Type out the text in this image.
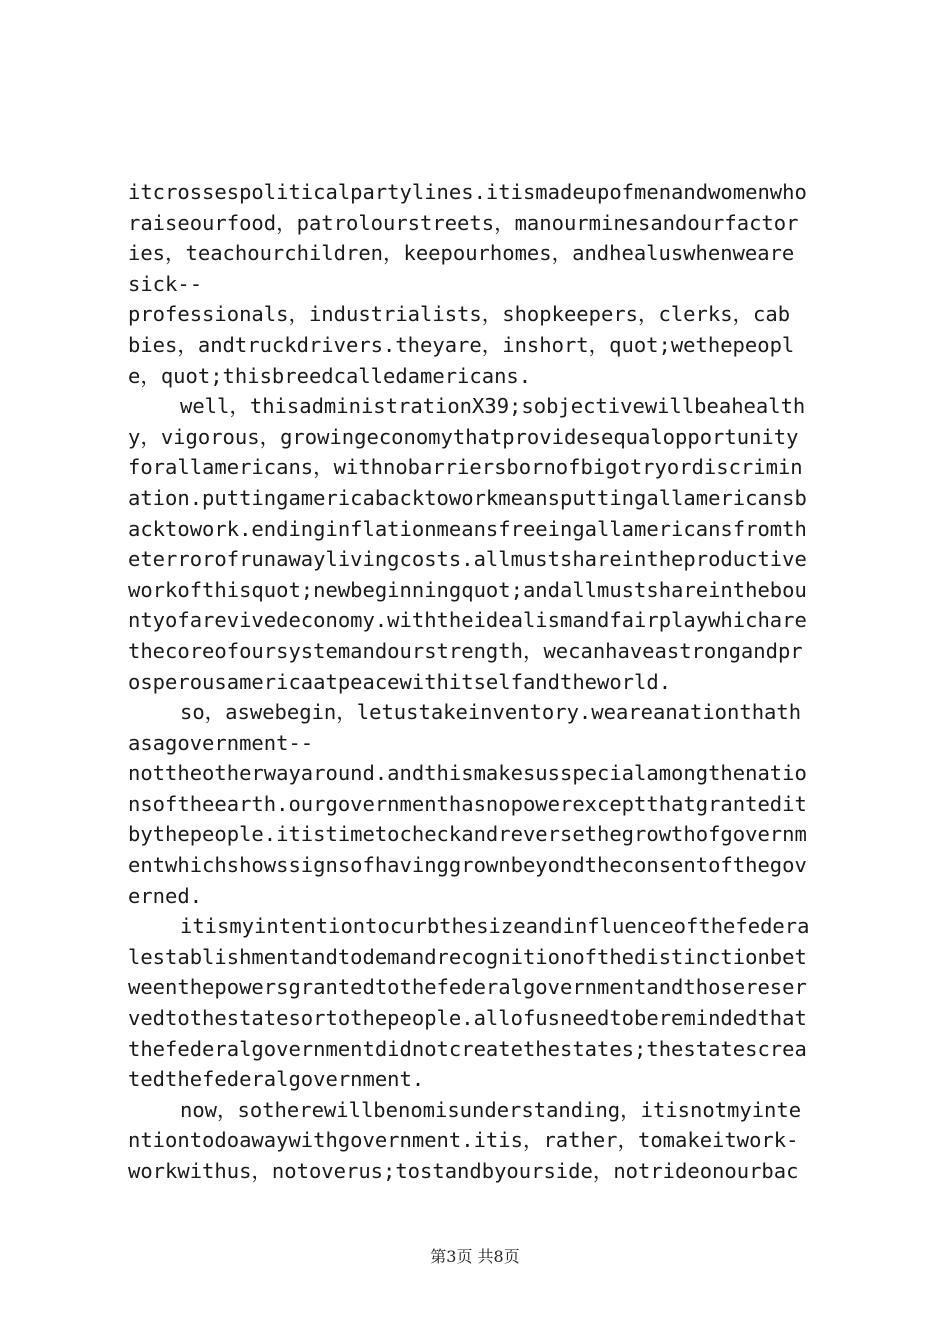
itcrossespoliticalpartylines.itismadeupofmenandwomenwho
raiseourfood，patrolourstreets，manourminesandourfactor
ies，teachourchildren，keepourhomes，andhealuswhenweare
sick--
professionals，industrialists，shopkeepers，clerks，cab
bies，andtruckdrivers.theyare，inshort，quot;wethepeopl
e，quot;thisbreedcalledamericans.
well，thisadministrationX39;sobjectivewillbeahealth
y，vigorous，growingeconomythatprovidesequalopportunity
forallamericans，withnobarriersbornofbigotryordiscrimin
ation.puttingamericabacktoworkmeansputtingallamericansb
acktowork.endinginflationmeansfreeingallamericansfromth
eterrorofrunawaylivingcosts.allmustshareintheproductive
workofthisquot;newbeginningquot;andallmustshareinthebou
ntyofarevivedeconomy.withtheidealismandfairplaywhichare
thecoreofoursystemandourstrength，wecanhaveastrongandpr
osperousamericaatpeacewithitselfandtheworld.
so，aswebegin，letustakeinventory.weareanationthath
asagovernment--
nottheotherwayaround.andthismakesusspecialamongthenatio
nsoftheearth.ourgovernmenthasnopowerexceptthatgrantedit
bythepeople.itistimetocheckandreversethegrowthofgovernm
entwhichshowssignsofhavinggrownbeyondtheconsentofthegov
erned.
itismyintentiontocurbthesizeandinfluenceofthefedera
lestablishmentandtodemandrecognitionofthedistinctionbet
weenthepowersgrantedtothefederalgovernmentandthosereser
vedtothestatesortothepeople.allofusneedtoberemindedthat
thefederalgovernmentdidnotcreatethestates;thestatescrea
tedthefederalgovernment.
now，sotherewillbenomisunderstanding，itisnotmyinte
ntiontodoawaywithgovernment.itis，rather，tomakeitwork-
workwithus，notoverus;tostandbyourside，notrideonourbac
第3页 共8页
